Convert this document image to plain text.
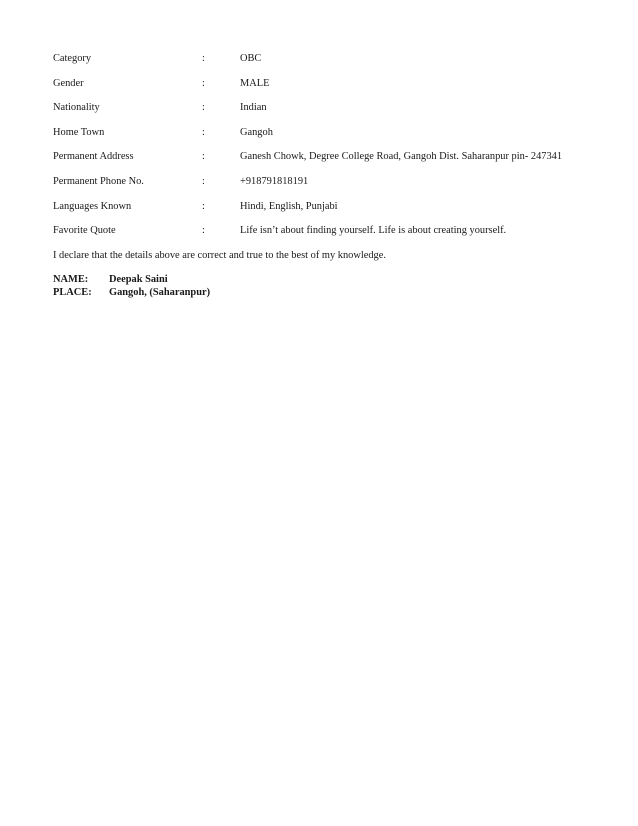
Category	:	OBC
Gender	:	MALE
Nationality	:	Indian
Home Town	:	Gangoh
Permanent Address	:	Ganesh Chowk, Degree College Road, Gangoh Dist. Saharanpur pin- 247341
Permanent Phone No.	:	+918791818191
Languages Known	:	Hindi, English, Punjabi
Favorite Quote	:	Life isn’t about finding yourself. Life is about creating yourself.
I declare that the details above are correct and true to the best of my knowledge.
NAME: Deepak Saini
PLACE: Gangoh, (Saharanpur)
